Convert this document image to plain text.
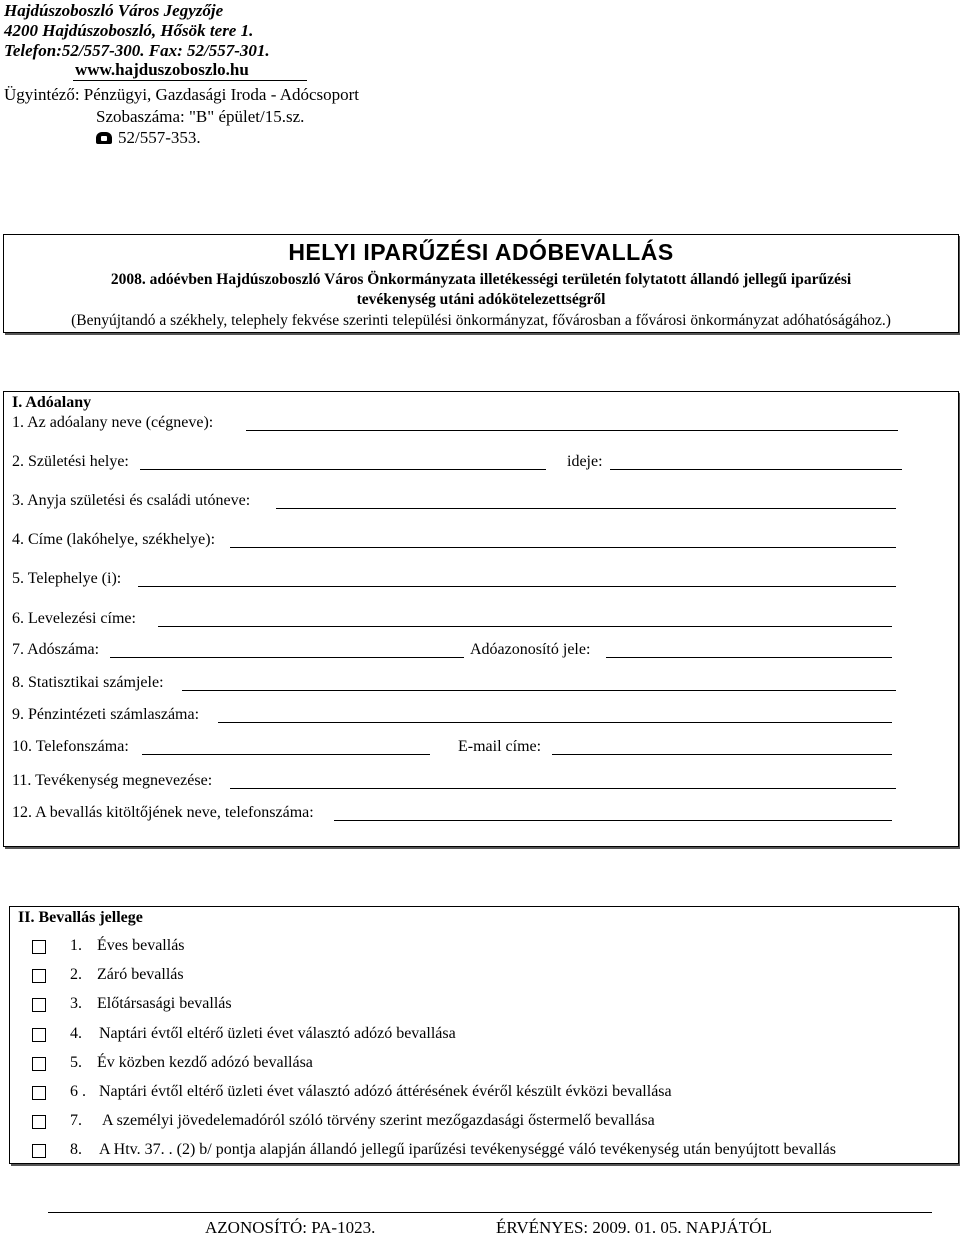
Hajdúszoboszló Város Jegyzője
4200 Hajdúszoboszló, Hősök tere 1.
Telefon:52/557-300. Fax: 52/557-301.
www.hajduszoboszlo.hu
Ügyintéző: Pénzügyi, Gazdasági Iroda - Adócsoport
Szobaszáma: "B" épület/15.sz.
52/557-353.
HELYI IPARŰZÉSI ADÓBEVALLÁS
2008. adóévben Hajdúszoboszló Város Önkormányzata illetékességi területén folytatott állandó jellegű iparűzési
tevékenység utáni adókötelezettségről
(Benyújtandó a székhely, telephely fekvése szerinti települési önkormányzat, fővárosban a fővárosi önkormányzat adóhatóságához.)
I. Adóalany
1. Az adóalany neve (cégneve):
2. Születési helye:	ideje:
3. Anyja születési és családi utóneve:
4. Címe (lakóhelye, székhelye):
5. Telephelye (i):
6. Levelezési címe:
7. Adószáma:	Adóazonosító jele:
8. Statisztikai számjele:
9. Pénzintézeti számlaszáma:
10. Telefonszáma:	E-mail címe:
11. Tevékenység megnevezése:
12. A bevallás kitöltőjének neve, telefonszáma:
II. Bevallás jellege
1. Éves bevallás
2. Záró bevallás
3. Előtársasági bevallás
4. Naptári évtől eltérő üzleti évet választó adózó bevallása
5. Év közben kezdő adózó bevallása
6 . Naptári évtől eltérő üzleti évet választó adózó áttérésének évéről készült évközi bevallása
7. A személyi jövedelemadóról szóló törvény szerint mezőgazdasági őstermelő bevallása
8. A Htv. 37. . (2) b/ pontja alapján állandó jellegű iparűzési tevékenységgé váló tevékenység után benyújtott bevallás
AZONOSÍTÓ: PA-1023.	ÉRVÉNYES: 2009. 01. 05. NAPJÁTÓL
